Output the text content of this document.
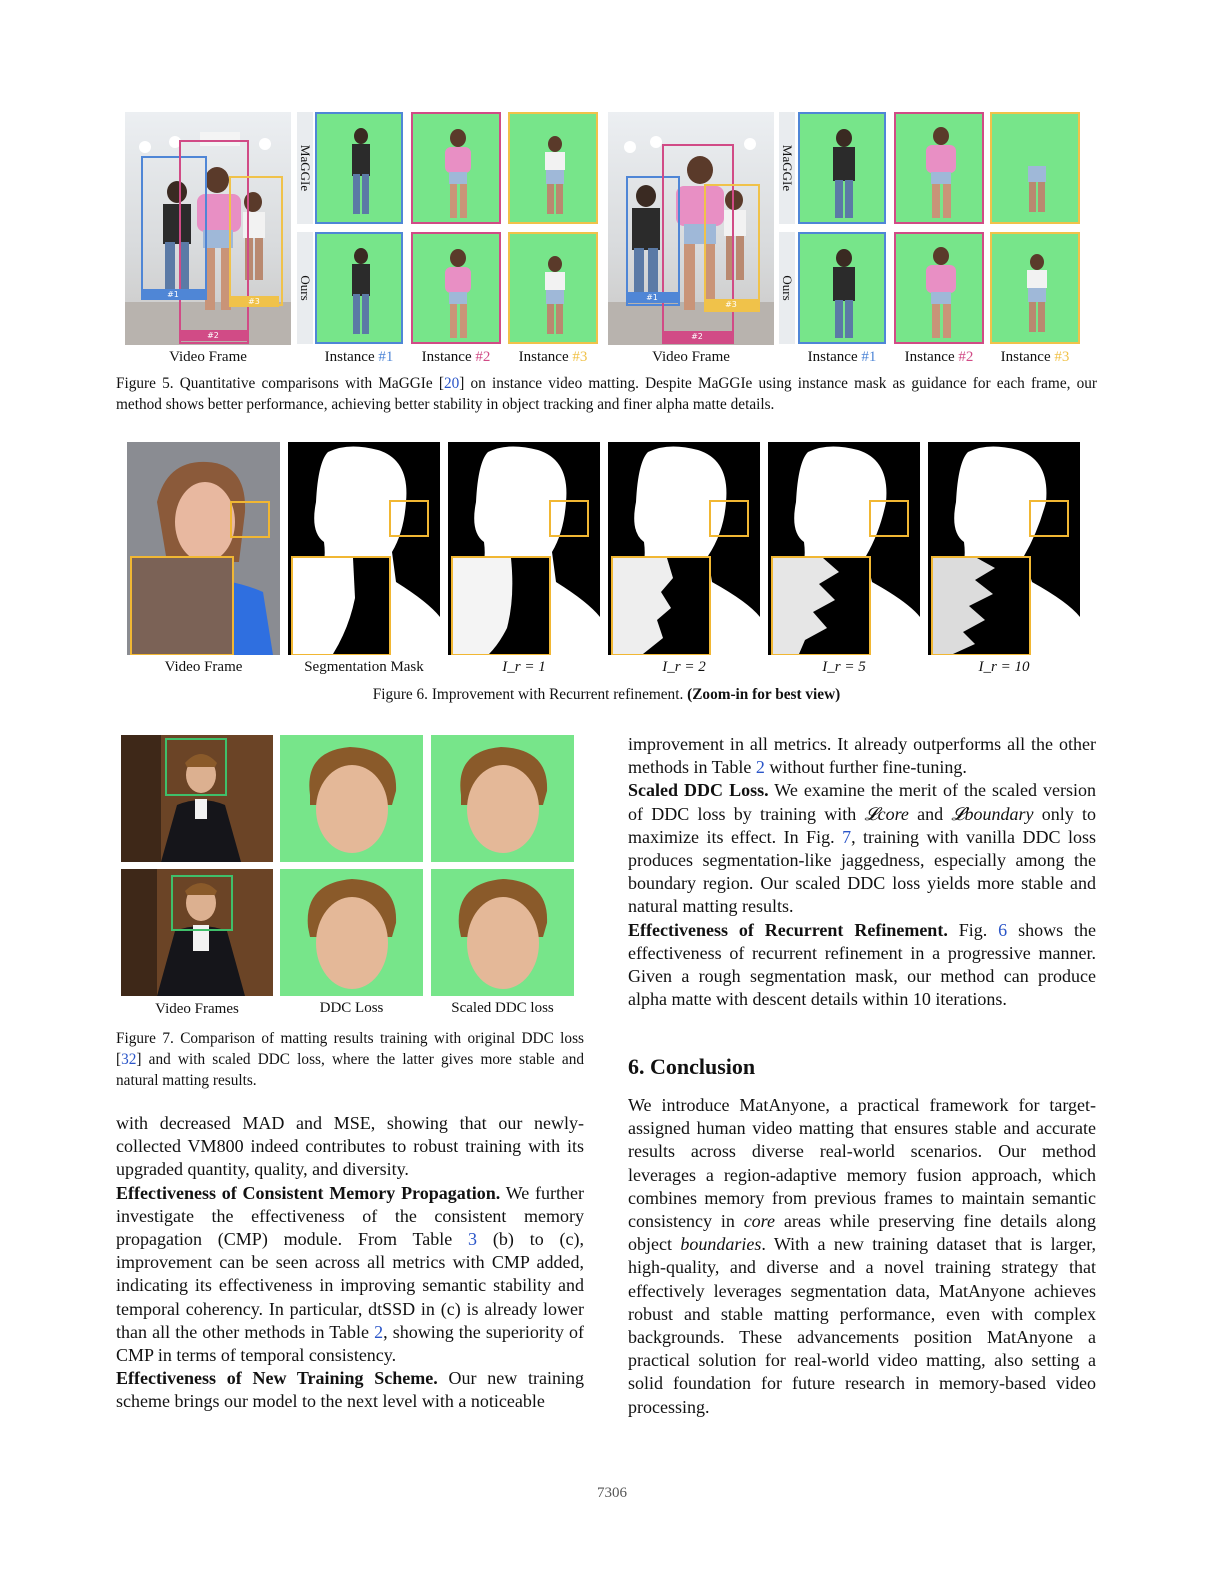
#1
#2
#3
MaGGIe
Ours	#1
#2
#3
MaGGIe
Ours
Video Frame	Instance #1	Instance #2	Instance #3	Video Frame	Instance #1	Instance #2	Instance #3
Figure 5. Quantitative comparisons with MaGGIe [20] on instance video matting. Despite MaGGIe using instance mask as guidance for each frame, our method shows better performance, achieving better stability in object tracking and finer alpha matte details.
Video Frame	Segmentation Mask	I_r = 1	I_r = 2	I_r = 5	I_r = 10
Figure 6. Improvement with Recurrent refinement. (Zoom-in for best view)
Video Frames	DDC Loss	Scaled DDC loss
Figure 7. Comparison of matting results training with original DDC loss [32] and with scaled DDC loss, where the latter gives more stable and natural matting results.

with decreased MAD and MSE, showing that our newly-collected VM800 indeed contributes to robust training with its upgraded quantity, quality, and diversity.

Effectiveness of Consistent Memory Propagation. We further investigate the effectiveness of the consistent memory propagation (CMP) module. From Table 3 (b) to (c), improvement can be seen across all metrics with CMP added, indicating its effectiveness in improving semantic stability and temporal coherency. In particular, dtSSD in (c) is already lower than all the other methods in Table 2, showing the superiority of CMP in terms of temporal consistency.

Effectiveness of New Training Scheme. Our new training scheme brings our model to the next level with a noticeable

improvement in all metrics. It already outperforms all the other methods in Table 2 without further fine-tuning.

Scaled DDC Loss. We examine the merit of the scaled version of DDC loss by training with 𝓛core and 𝓛boundary only to maximize its effect. In Fig. 7, training with vanilla DDC loss produces segmentation-like jaggedness, especially among the boundary region. Our scaled DDC loss yields more stable and natural matting results.

Effectiveness of Recurrent Refinement. Fig. 6 shows the effectiveness of recurrent refinement in a progressive manner. Given a rough segmentation mask, our method can produce alpha matte with descent details within 10 iterations.

6. Conclusion

We introduce MatAnyone, a practical framework for target-assigned human video matting that ensures stable and accurate results across diverse real-world scenarios. Our method leverages a region-adaptive memory fusion approach, which combines memory from previous frames to maintain semantic consistency in core areas while preserving fine details along object boundaries. With a new training dataset that is larger, high-quality, and diverse and a novel training strategy that effectively leverages segmentation data, MatAnyone achieves robust and stable matting performance, even with complex backgrounds. These advancements position MatAnyone a practical solution for real-world video matting, also setting a solid foundation for future research in memory-based video processing.

7306
